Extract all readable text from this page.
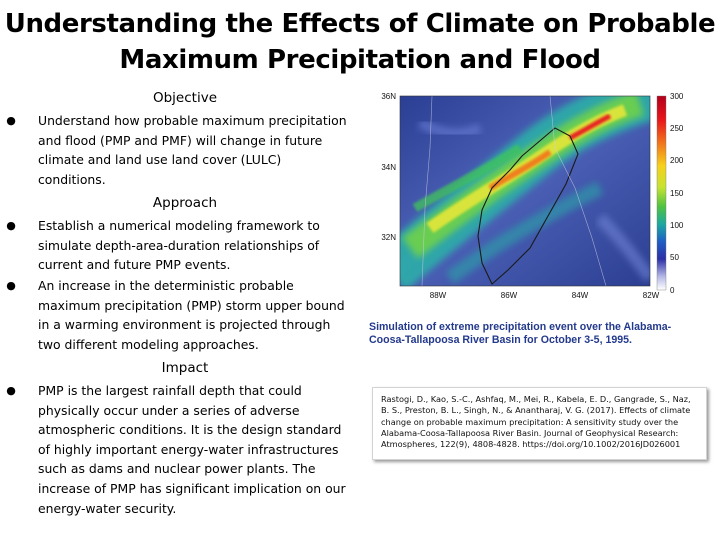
Understanding the Effects of Climate on Probable
Maximum Precipitation and Flood
Objective
● Understand how probable maximum precipitation and flood (PMP and PMF) will change in future climate and land use land cover (LULC) conditions.
Approach
● Establish a numerical modeling framework to simulate depth-area-duration relationships of current and future PMP events.
● An increase in the deterministic probable maximum precipitation (PMP) storm upper bound in a warming environment is projected through two different modeling approaches.
Impact
● PMP is the largest rainfall depth that could physically occur under a series of adverse atmospheric conditions. It is the design standard of highly important energy-water infrastructures such as dams and nuclear power plants. The increase of PMP has significant implication on our energy-water security.
36N
34N
32N
88W	86W	84W	82W
300
250
200
150
100
50
0
Simulation of extreme precipitation event over the Alabama-Coosa-Tallapoosa River Basin for October 3-5, 1995.
Rastogi, D., Kao, S.-C., Ashfaq, M., Mei, R., Kabela, E. D., Gangrade, S., Naz, B. S., Preston, B. L., Singh, N., & Anantharaj, V. G. (2017). Effects of climate change on probable maximum precipitation: A sensitivity study over the Alabama-Coosa-Tallapoosa River Basin. Journal of Geophysical Research: Atmospheres, 122(9), 4808-4828. https://doi.org/10.1002/2016JD026001
